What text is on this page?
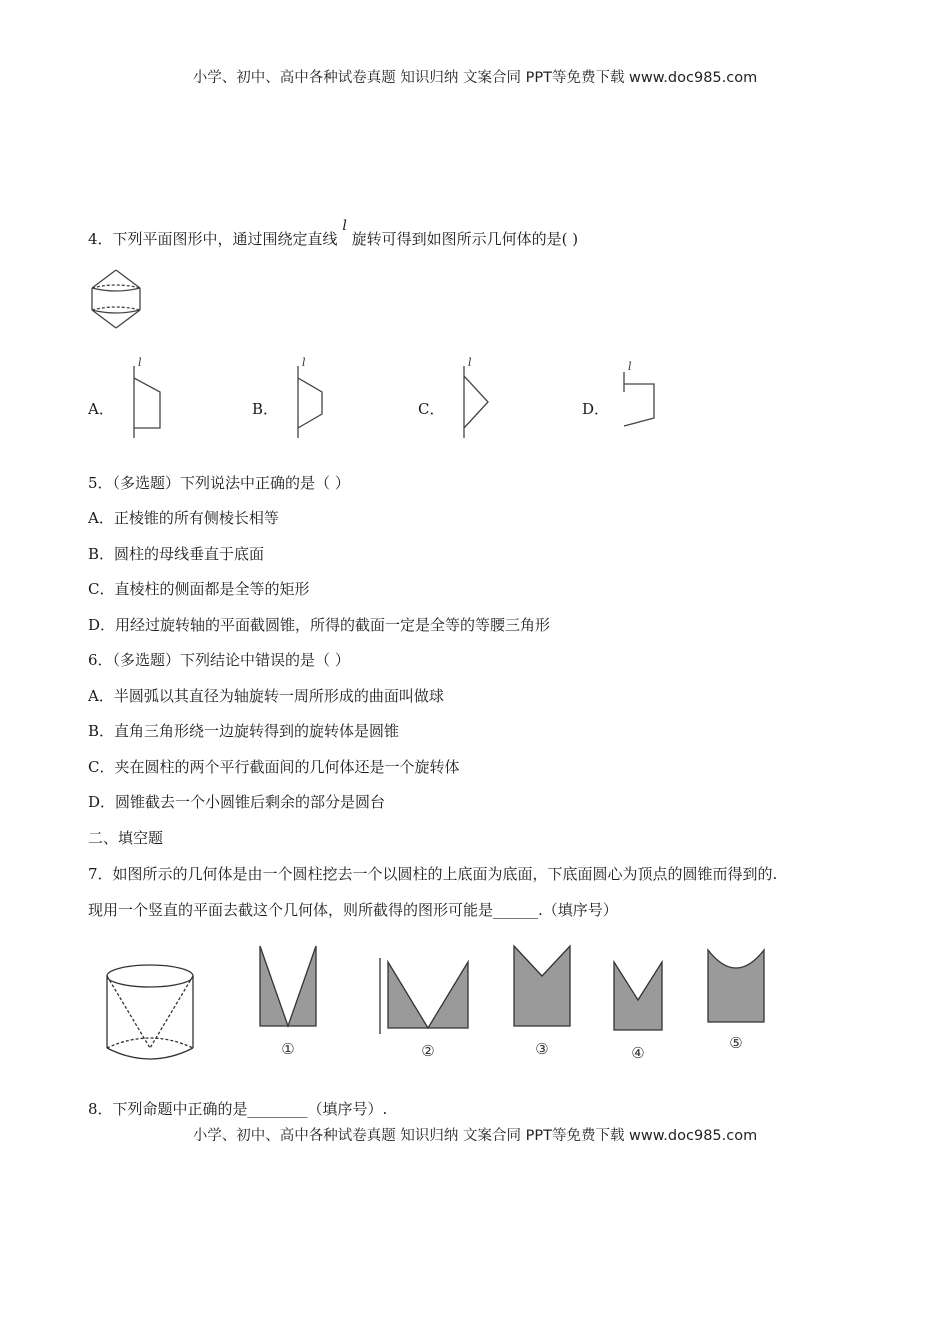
小学、初中、高中各种试卷真题 知识归纳 文案合同 PPT等免费下载 www.doc985.com
4．下列平面图形中，通过围绕定直线 l 旋转可得到如图所示几何体的是( )
A．
l
B．
l
C．
l
D．
l
5．（多选题）下列说法中正确的是（ ）
A．正棱锥的所有侧棱长相等
B．圆柱的母线垂直于底面
C．直棱柱的侧面都是全等的矩形
D．用经过旋转轴的平面截圆锥，所得的截面一定是全等的等腰三角形
6．（多选题）下列结论中错误的是（ ）
A．半圆弧以其直径为轴旋转一周所形成的曲面叫做球
B．直角三角形绕一边旋转得到的旋转体是圆锥
C．夹在圆柱的两个平行截面间的几何体还是一个旋转体
D．圆锥截去一个小圆锥后剩余的部分是圆台
二、填空题
7．如图所示的几何体是由一个圆柱挖去一个以圆柱的上底面为底面，下底面圆心为顶点的圆锥而得到的.
现用一个竖直的平面去截这个几何体，则所截得的图形可能是______.（填序号）
①	②	③	④
⑤
8．下列命题中正确的是________（填序号）.
小学、初中、高中各种试卷真题 知识归纳 文案合同 PPT等免费下载 www.doc985.com
